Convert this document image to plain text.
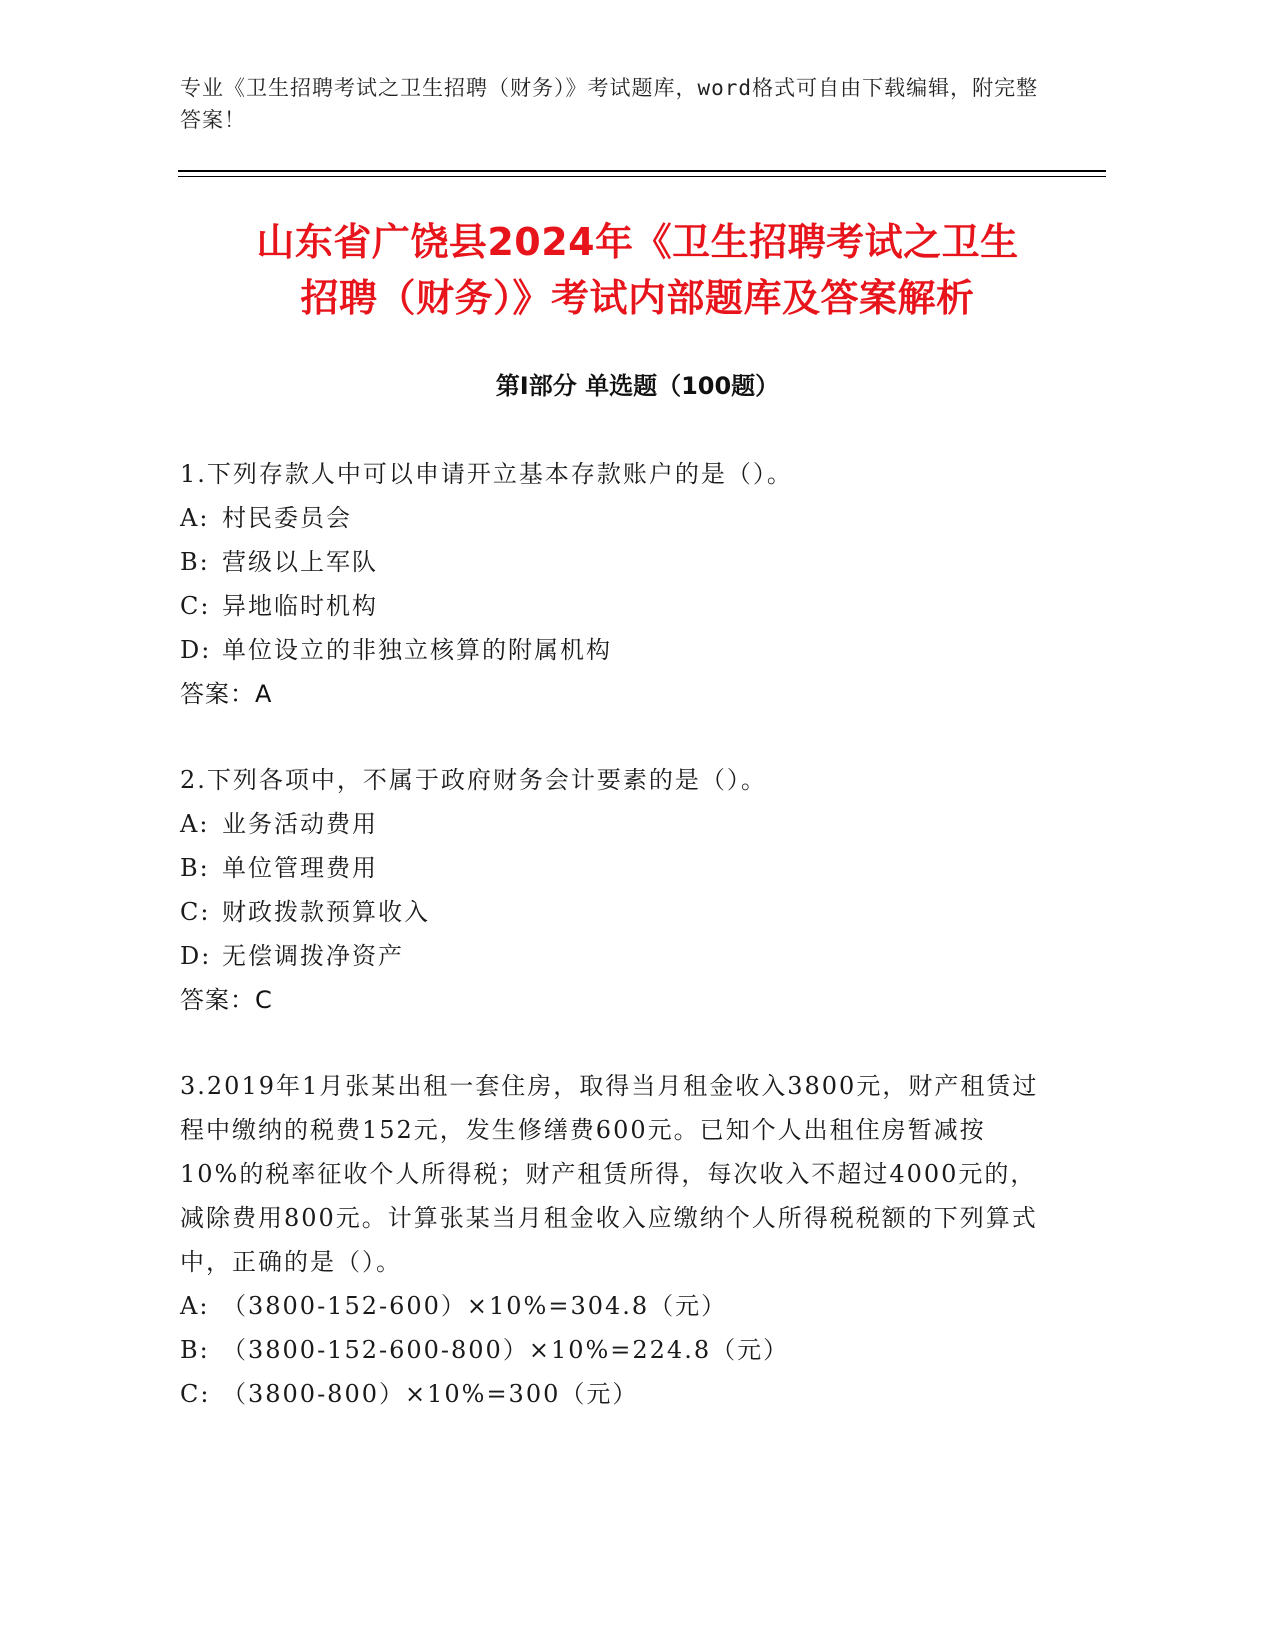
专业《卫生招聘考试之卫生招聘（财务）》考试题库，word格式可自由下载编辑，附完整答案！
山东省广饶县2024年《卫生招聘考试之卫生
招聘（财务）》考试内部题库及答案解析
第Ⅰ部分 单选题（100题）
1.下列存款人中可以申请开立基本存款账户的是（）。
A: 村民委员会
B: 营级以上军队
C: 异地临时机构
D: 单位设立的非独立核算的附属机构
答案：A
2.下列各项中，不属于政府财务会计要素的是（）。
A: 业务活动费用
B: 单位管理费用
C: 财政拨款预算收入
D: 无偿调拨净资产
答案：C
3.2019年1月张某出租一套住房，取得当月租金收入3800元，财产租赁过程中缴纳的税费152元，发生修缮费600元。已知个人出租住房暂减按10%的税率征收个人所得税；财产租赁所得，每次收入不超过4000元的，减除费用800元。计算张某当月租金收入应缴纳个人所得税税额的下列算式中，正确的是（）。
A: （3800-152-600）×10%=304.8（元）
B: （3800-152-600-800）×10%=224.8（元）
C: （3800-800）×10%=300（元）
